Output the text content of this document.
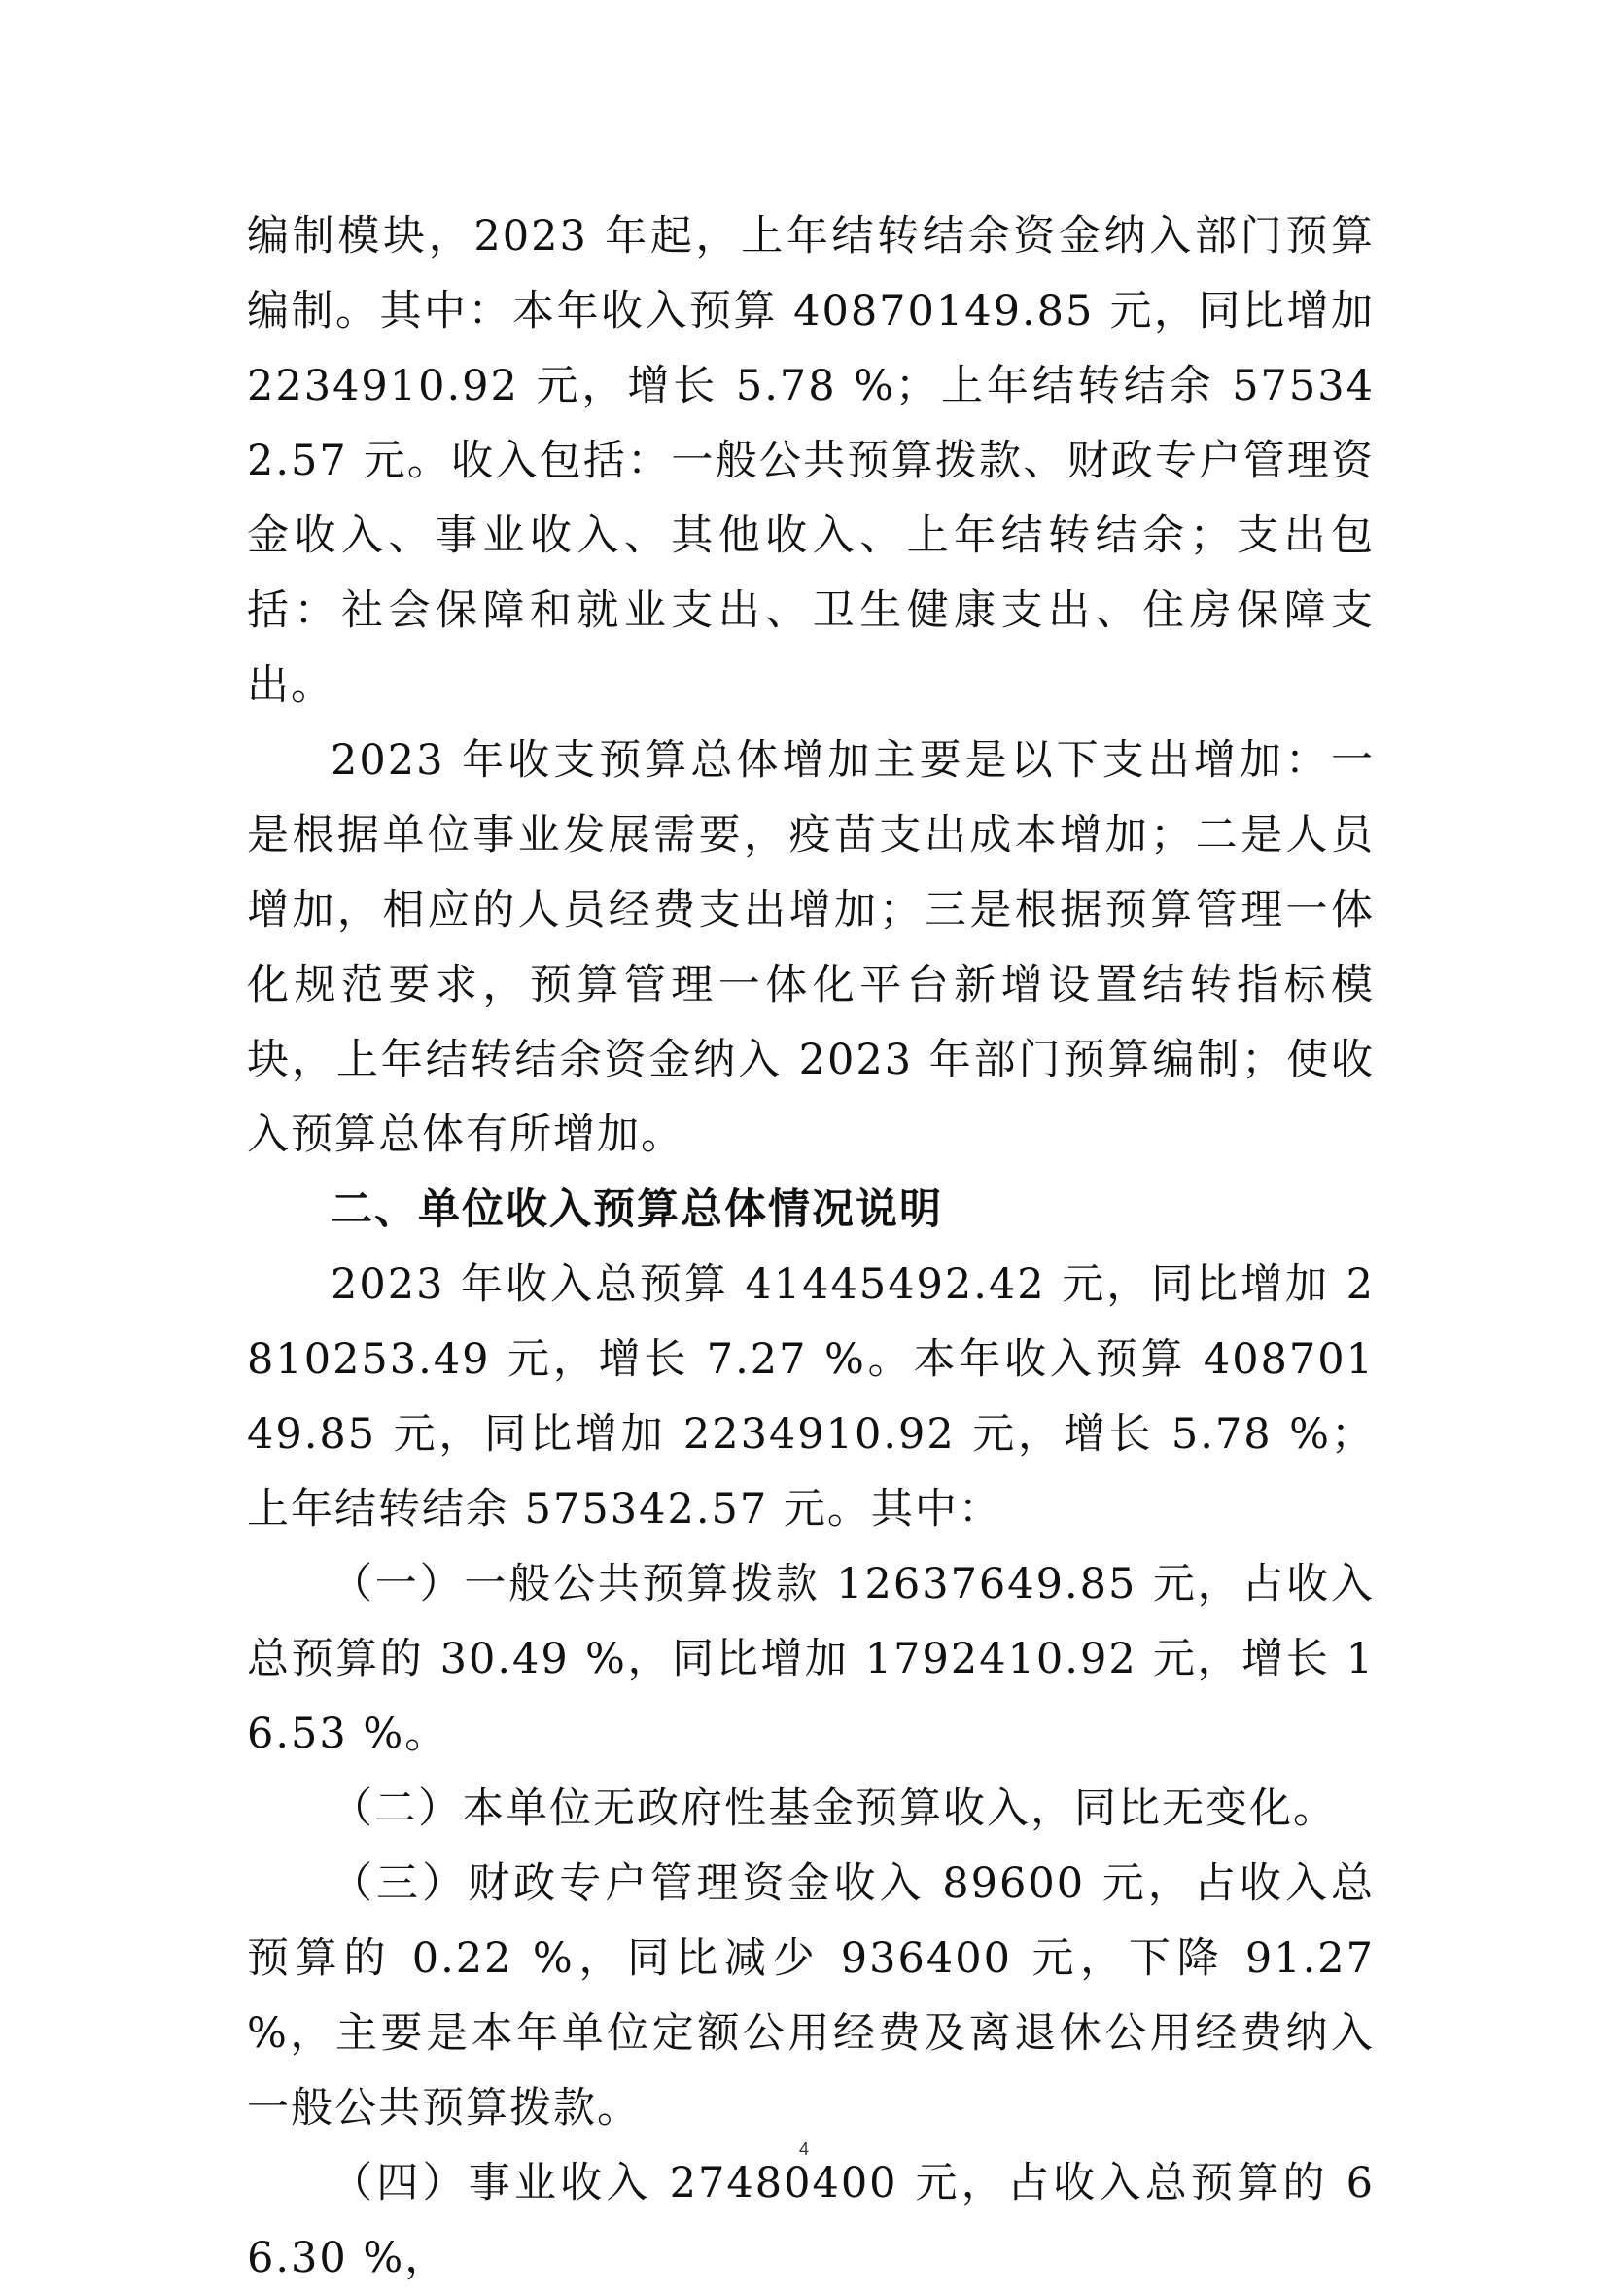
编制模块，2023 年起，上年结转结余资金纳入部门预算编制。其中：本年收入预算 40870149.85 元，同比增加 2234910.92 元，增长 5.78 %；上年结转结余 575342.57 元。收入包括：一般公共预算拨款、财政专户管理资金收入、事业收入、其他收入、上年结转结余；支出包括：社会保障和就业支出、卫生健康支出、住房保障支出。

2023 年收支预算总体增加主要是以下支出增加：一是根据单位事业发展需要，疫苗支出成本增加；二是人员增加，相应的人员经费支出增加；三是根据预算管理一体化规范要求，预算管理一体化平台新增设置结转指标模块，上年结转结余资金纳入 2023 年部门预算编制；使收入预算总体有所增加。

二、单位收入预算总体情况说明

2023 年收入总预算 41445492.42 元，同比增加 2810253.49 元，增长 7.27 %。本年收入预算 40870149.85 元，同比增加 2234910.92 元，增长 5.78 %；上年结转结余 575342.57 元。其中：

（一）一般公共预算拨款 12637649.85 元，占收入总预算的 30.49 %，同比增加 1792410.92 元，增长 16.53 %。

（二）本单位无政府性基金预算收入，同比无变化。

（三）财政专户管理资金收入 89600 元，占收入总预算的 0.22 %，同比减少 936400 元，下降 91.27 %，主要是本年单位定额公用经费及离退休公用经费纳入一般公共预算拨款。

（四）事业收入 27480400 元，占收入总预算的 66.30 %，

4
